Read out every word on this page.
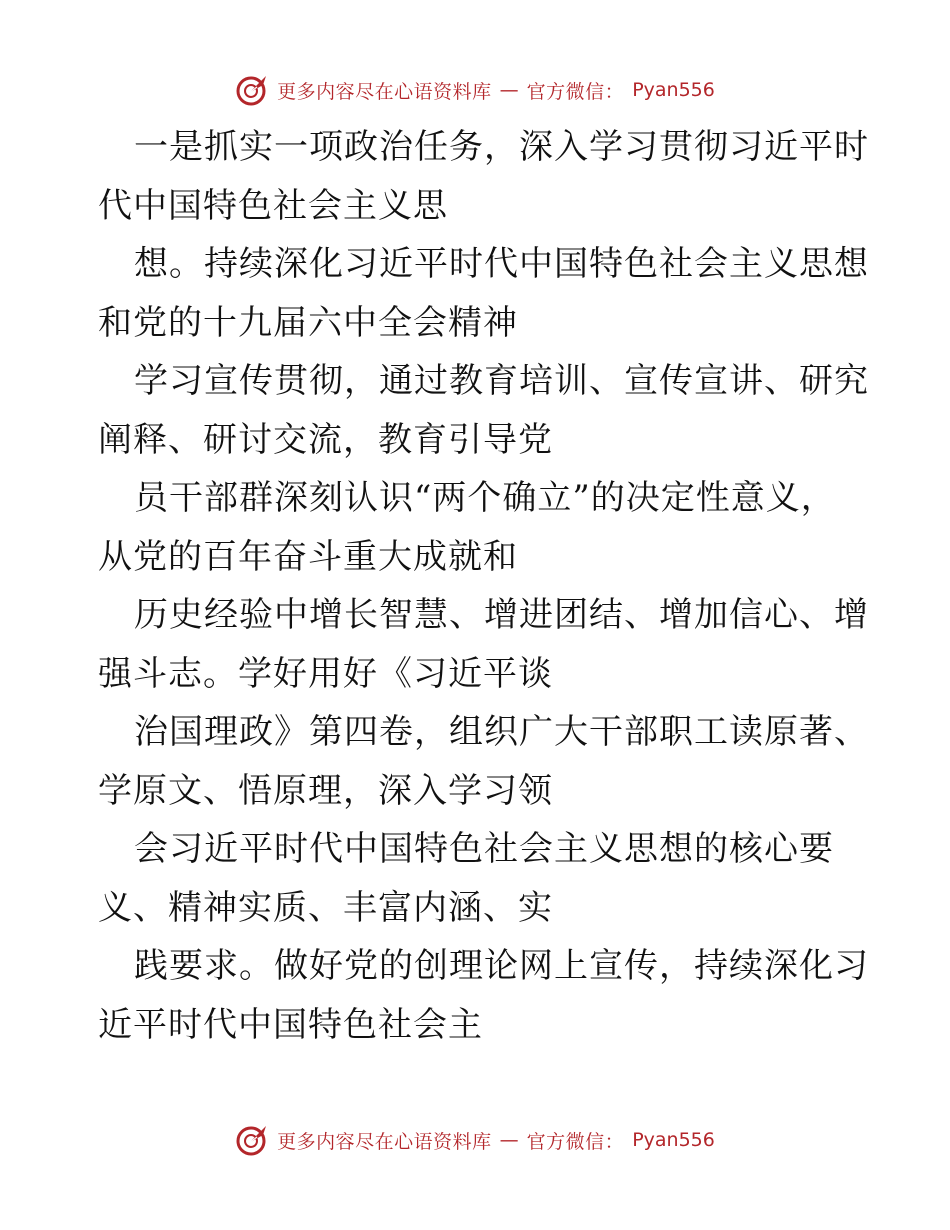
更多内容尽在心语资料库 — 官方微信： Pyan556
一是抓实一项政治任务，深入学习贯彻习近平时
代中国特色社会主义思
想。持续深化习近平时代中国特色社会主义思想
和党的十九届六中全会精神
学习宣传贯彻，通过教育培训、宣传宣讲、研究
阐释、研讨交流，教育引导党
员干部群深刻认识“两个确立”的决定性意义，
从党的百年奋斗重大成就和
历史经验中增长智慧、增进团结、增加信心、增
强斗志。学好用好《习近平谈
治国理政》第四卷，组织广大干部职工读原著、
学原文、悟原理，深入学习领
会习近平时代中国特色社会主义思想的核心要
义、精神实质、丰富内涵、实
践要求。做好党的创理论网上宣传，持续深化习
近平时代中国特色社会主
更多内容尽在心语资料库 — 官方微信： Pyan556
